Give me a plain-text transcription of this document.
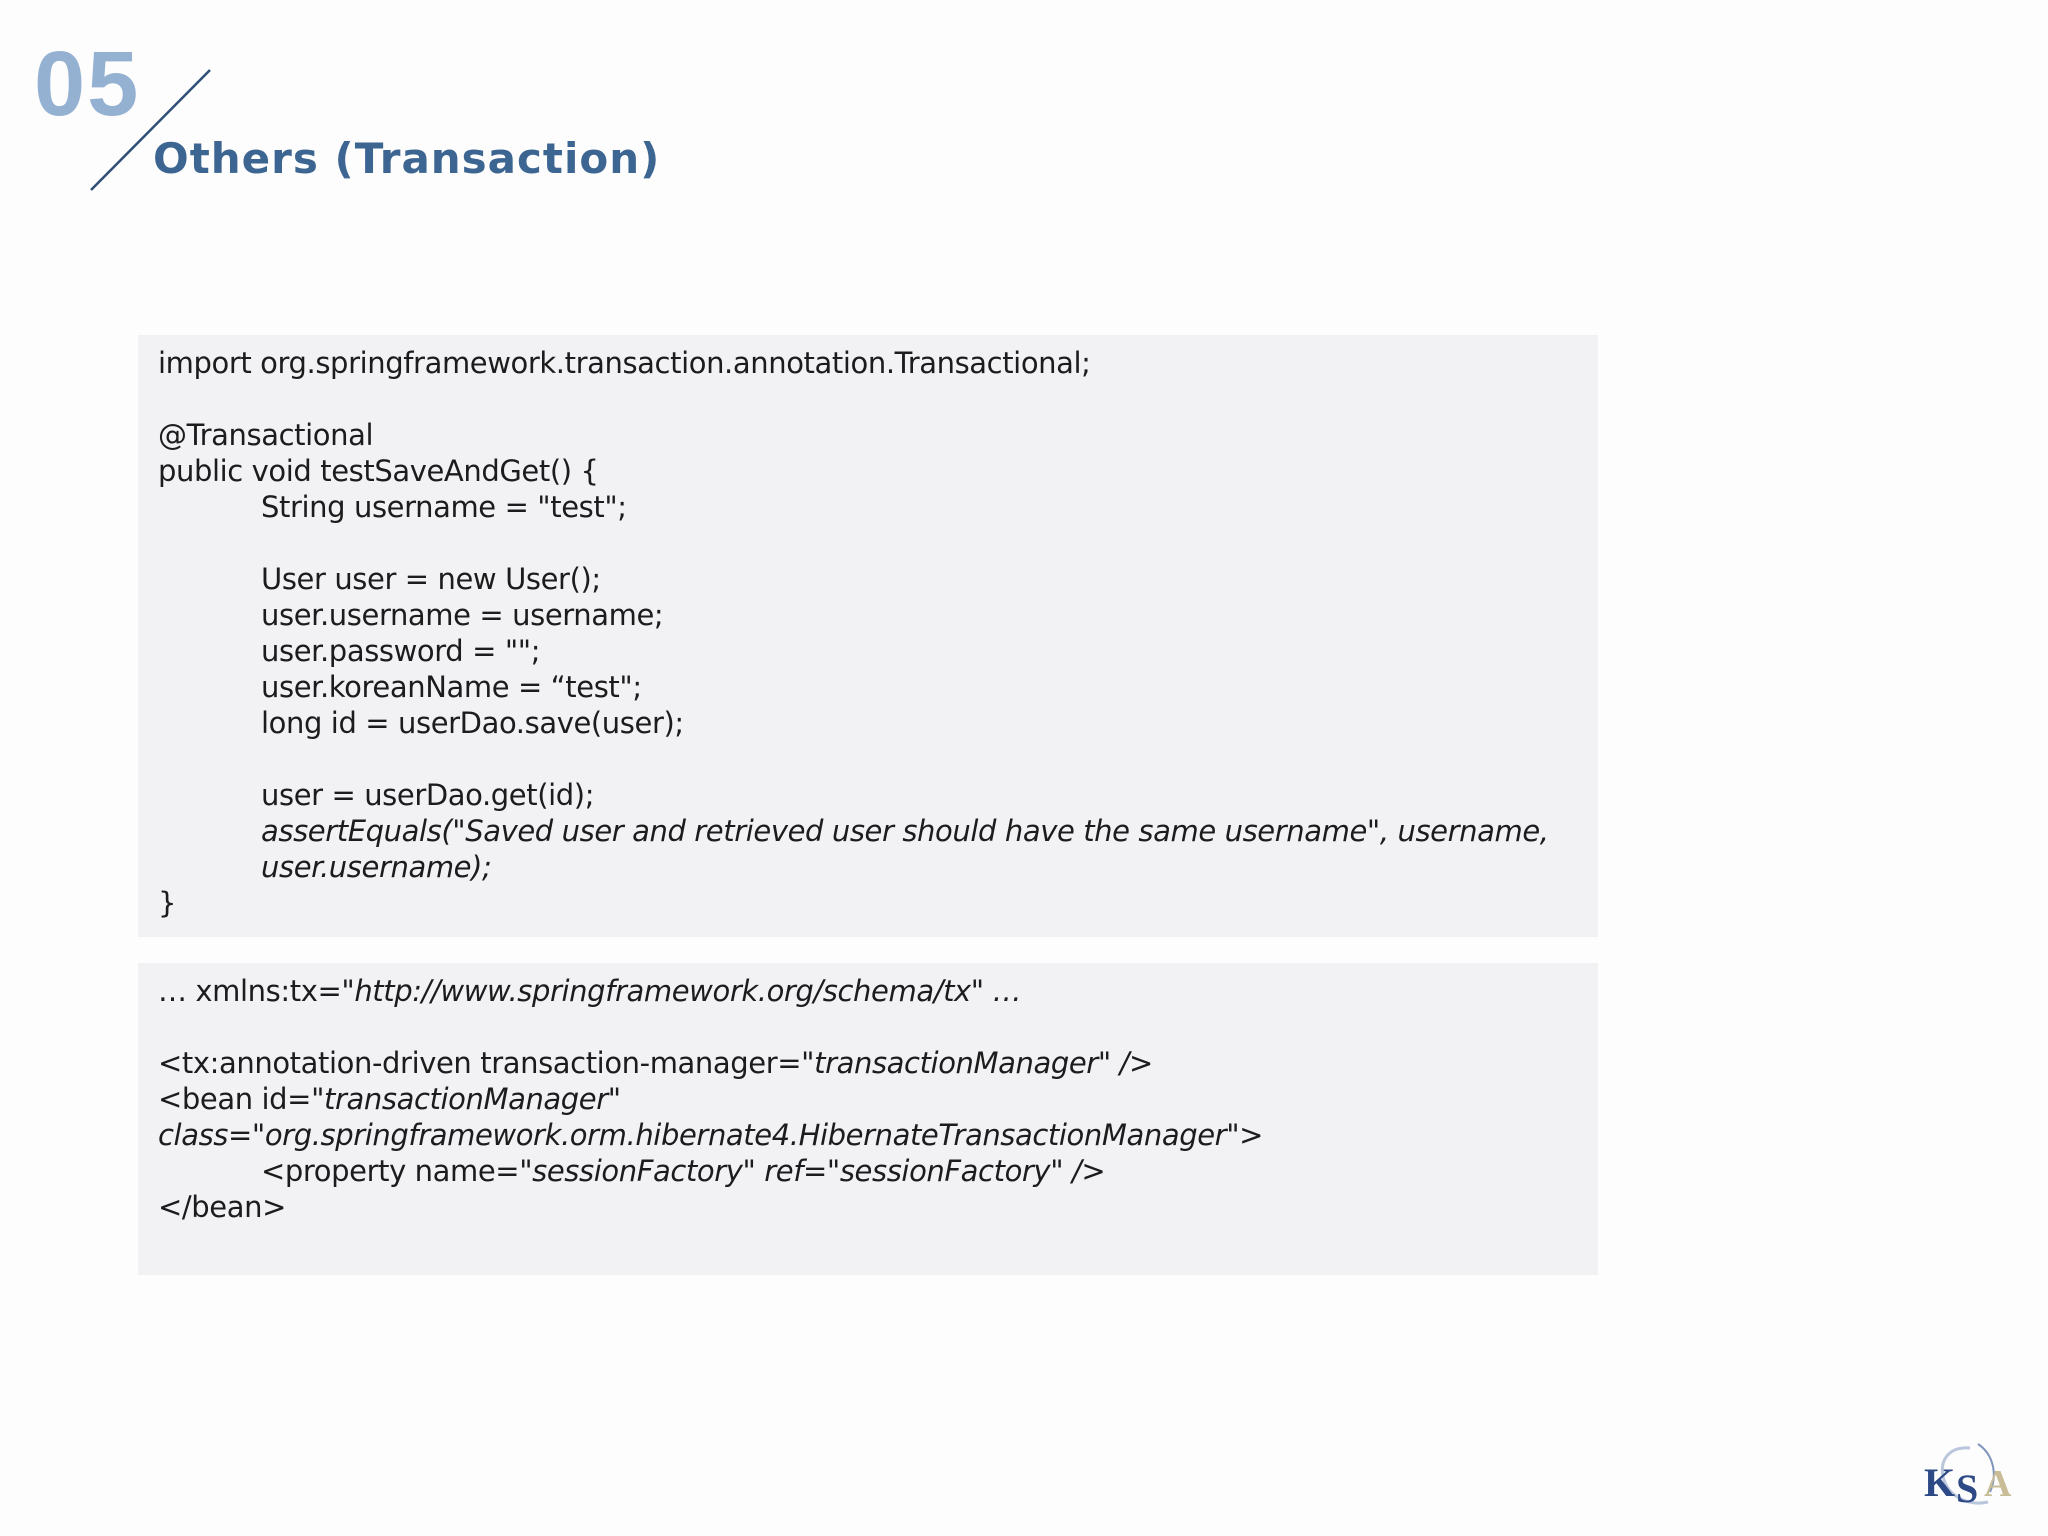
05
Others (Transaction)
import org.springframework.transaction.annotation.Transactional;
@Transactional
public void testSaveAndGet() {
String username = "test";
User user = new User();
user.username = username;
user.password = "";
user.koreanName = “test";
long id = userDao.save(user);
user = userDao.get(id);
assertEquals("Saved user and retrieved user should have the same username", username,
user.username);
}
… xmlns:tx="http://www.springframework.org/schema/tx" …
<tx:annotation-driven transaction-manager="transactionManager" />
<bean id="transactionManager"
class="org.springframework.orm.hibernate4.HibernateTransactionManager">
<property name="sessionFactory" ref="sessionFactory" />
</bean>
K S A
